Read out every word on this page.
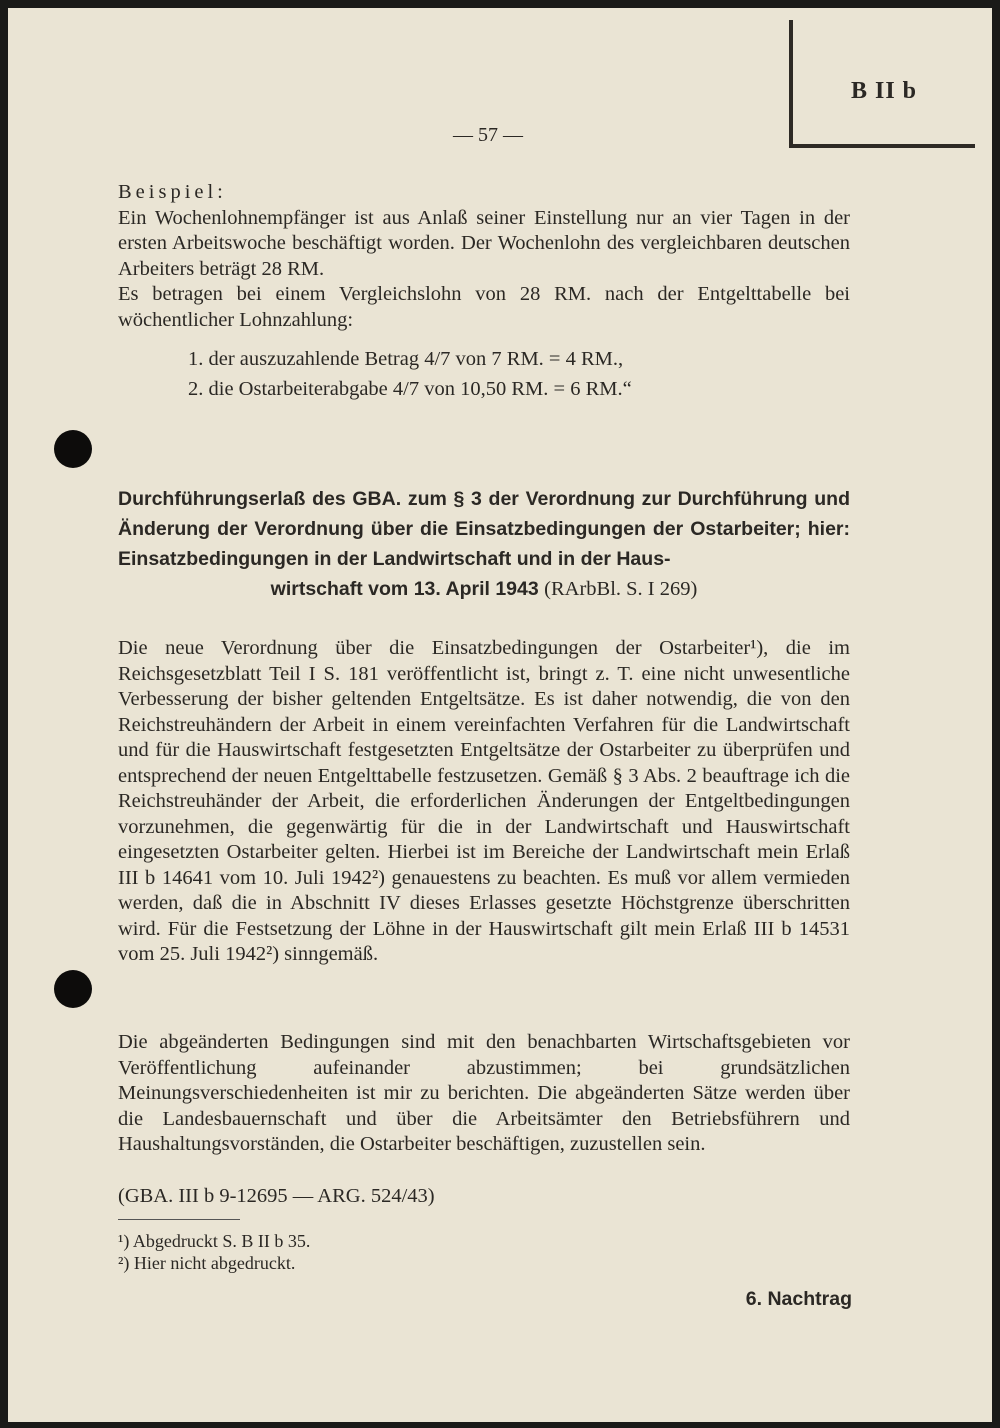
B II b
— 57 —
Beispiel:

Ein Wochenlohnempfänger ist aus Anlaß seiner Einstellung nur an vier Tagen in der ersten Arbeitswoche beschäftigt worden. Der Wochenlohn des vergleichbaren deutschen Arbeiters beträgt 28 RM.

Es betragen bei einem Vergleichslohn von 28 RM. nach der Entgelttabelle bei wöchentlicher Lohnzahlung:

1. der auszuzahlende Betrag 4/7 von 7 RM. = 4 RM.,
2. die Ostarbeiterabgabe 4/7 von 10,50 RM. = 6 RM.“
Durchführungserlaß des GBA. zum § 3 der Verordnung zur Durchführung und Änderung der Verordnung über die Einsatzbedingungen der Ostarbeiter; hier: Einsatzbedingungen in der Landwirtschaft und in der Haus-
wirtschaft vom 13. April 1943 (RArbBl. S. I 269)

Die neue Verordnung über die Einsatzbedingungen der Ostarbeiter¹), die im Reichsgesetzblatt Teil I S. 181 veröffentlicht ist, bringt z. T. eine nicht unwesentliche Verbesserung der bisher geltenden Entgeltsätze. Es ist daher notwendig, die von den Reichstreuhändern der Arbeit in einem vereinfachten Verfahren für die Landwirtschaft und für die Hauswirtschaft festgesetzten Entgeltsätze der Ostarbeiter zu überprüfen und entsprechend der neuen Entgelttabelle festzusetzen. Gemäß § 3 Abs. 2 beauftrage ich die Reichstreuhänder der Arbeit, die erforderlichen Änderungen der Entgeltbedingungen vorzunehmen, die gegenwärtig für die in der Landwirtschaft und Hauswirtschaft eingesetzten Ostarbeiter gelten. Hierbei ist im Bereiche der Landwirtschaft mein Erlaß III b 14641 vom 10. Juli 1942²) genauestens zu beachten. Es muß vor allem vermieden werden, daß die in Abschnitt IV dieses Erlasses gesetzte Höchstgrenze überschritten wird. Für die Festsetzung der Löhne in der Hauswirtschaft gilt mein Erlaß III b 14531 vom 25. Juli 1942²) sinngemäß.

Die abgeänderten Bedingungen sind mit den benachbarten Wirtschaftsgebieten vor Veröffentlichung aufeinander abzustimmen; bei grundsätzlichen Meinungsverschiedenheiten ist mir zu berichten. Die abgeänderten Sätze werden über die Landesbauernschaft und über die Arbeitsämter den Betriebsführern und Haushaltungsvorständen, die Ostarbeiter beschäftigen, zuzustellen sein.

(GBA. III b 9-12695 — ARG. 524/43)
¹) Abgedruckt S. B II b 35.
²) Hier nicht abgedruckt.
6. Nachtrag
